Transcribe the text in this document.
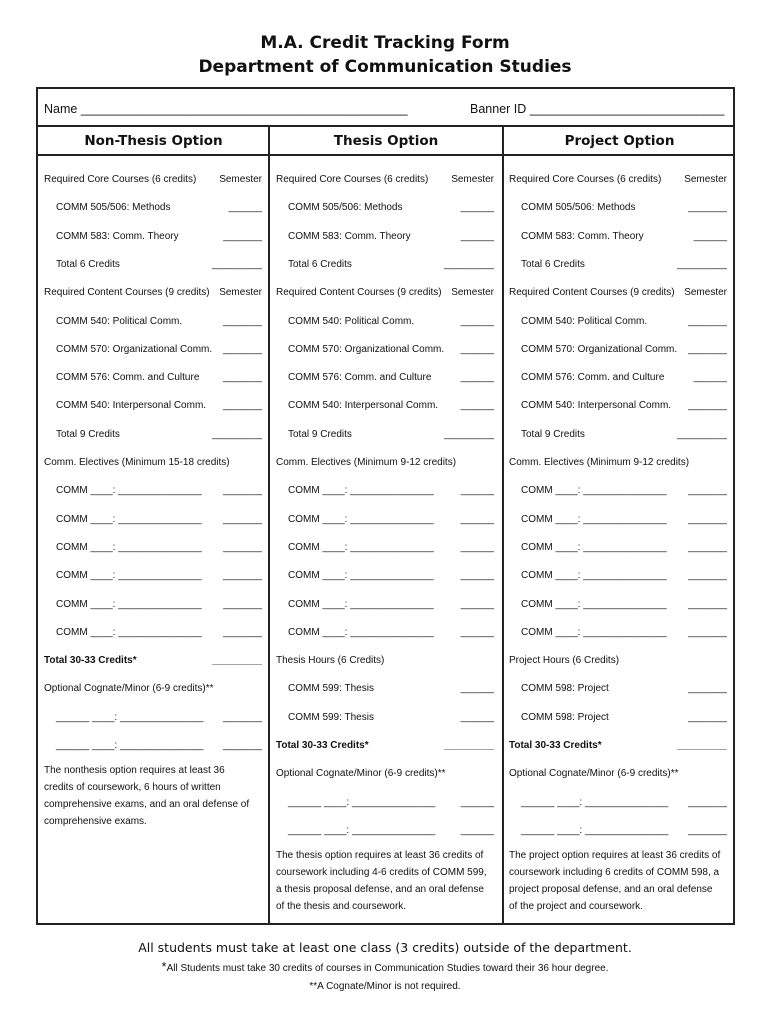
M.A. Credit Tracking Form
Department of Communication Studies
Name _______________________________________________	Banner ID ____________________________
Non-Thesis Option	Thesis Option	Project Option
Required Core Courses (6 credits) Semester
COMM 505/506: Methods	______
COMM 583: Comm. Theory	_______
Total 6 Credits	_________
Required Content Courses (9 credits) Semester
COMM 540: Political Comm.	_______
COMM 570: Organizational Comm. _______
COMM 576: Comm. and Culture _______
COMM 540: Interpersonal Comm. _______
Total 9 Credits	_________
Comm. Electives (Minimum 15-18 credits)
COMM ____: _______________ _______
COMM ____: _______________ _______
COMM ____: _______________ _______
COMM ____: _______________ _______
COMM ____: _______________ _______
COMM ____: _______________ _______
Total 30-33 Credits*	_________
Optional Cognate/Minor (6-9 credits)**
______ ____: _______________ _______
______ ____: _______________ _______
The nonthesis option requires at least 36 credits of coursework, 6 hours of written comprehensive exams, and an oral defense of comprehensive exams.
Required Core Courses (6 credits) Semester
COMM 505/506: Methods	______
COMM 583: Comm. Theory	______
Total 6 Credits	_________
Required Content Courses (9 credits) Semester
COMM 540: Political Comm.	______
COMM 570: Organizational Comm. ______
COMM 576: Comm. and Culture	______
COMM 540: Interpersonal Comm. ______
Total 9 Credits	_________
Comm. Electives (Minimum 9-12 credits)
COMM ____: _______________	______
COMM ____: _______________	______
COMM ____: _______________	______
COMM ____: _______________	______
COMM ____: _______________	______
COMM ____: _______________	______
Thesis Hours (6 Credits)
COMM 599: Thesis	______
COMM 599: Thesis	______
Total 30-33 Credits*	_________
Optional Cognate/Minor (6-9 credits)**
______ ____: _______________	______
______ ____: _______________	______
The thesis option requires at least 36 credits of coursework including 4-6 credits of COMM 599, a thesis proposal defense, and an oral defense of the thesis and coursework.
Required Core Courses (6 credits) Semester
COMM 505/506: Methods	_______
COMM 583: Comm. Theory	______
Total 6 Credits	_________
Required Content Courses (9 credits) Semester
COMM 540: Political Comm.	_______
COMM 570: Organizational Comm. _______
COMM 576: Comm. and Culture	______
COMM 540: Interpersonal Comm. _______
Total 9 Credits	_________
Comm. Electives (Minimum 9-12 credits)
COMM ____: _______________ _______
COMM ____: _______________ _______
COMM ____: _______________ _______
COMM ____: _______________ _______
COMM ____: _______________ _______
COMM ____: _______________ _______
Project Hours (6 Credits)
COMM 598: Project	_______
COMM 598: Project	_______
Total 30-33 Credits*	_________
Optional Cognate/Minor (6-9 credits)**
______ ____: _______________ _______
______ ____: _______________ _______
The project option requires at least 36 credits of coursework including 6 credits of COMM 598, a project proposal defense, and an oral defense of the project and coursework.
All students must take at least one class (3 credits) outside of the department.
*All Students must take 30 credits of courses in Communication Studies toward their 36 hour degree.
**A Cognate/Minor is not required.
